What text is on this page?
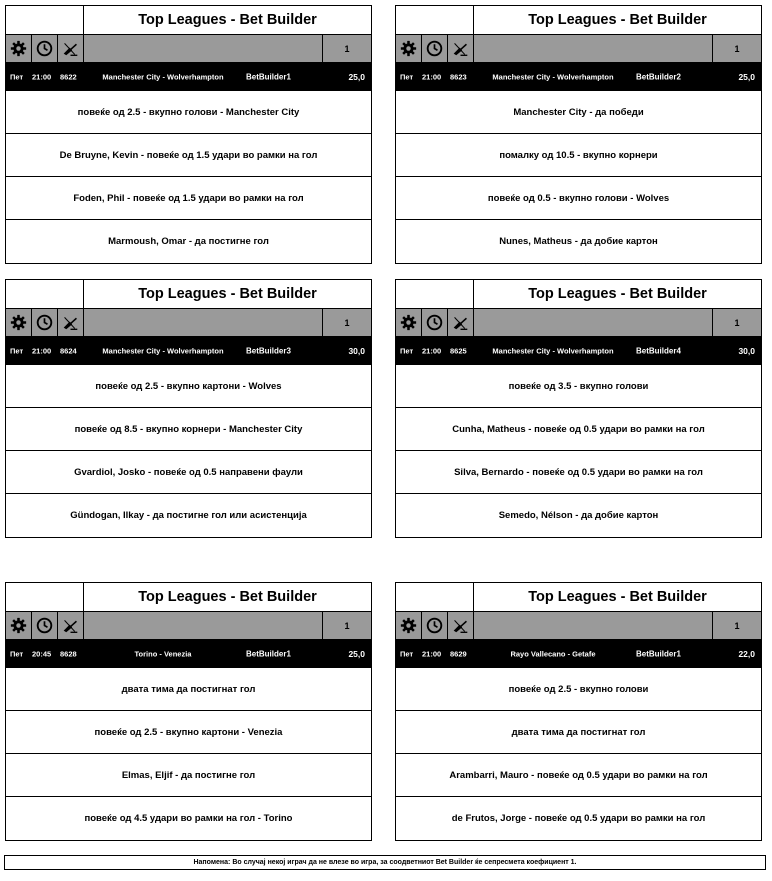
Top Leagues - Bet Builder
1
Пет 21:00 8622	Manchester City - Wolverhampton	BetBuilder1	25,0
повеќе од 2.5 - вкупно голови - Manchester City
De Bruyne, Kevin - повеќе од 1.5 удари во рамки на гол
Foden, Phil - повеќе од 1.5 удари во рамки на гол
Marmoush, Omar - да постигне гол
Top Leagues - Bet Builder
1
Пет 21:00 8623	Manchester City - Wolverhampton	BetBuilder2	25,0
Manchester City - да победи
помалку од 10.5 - вкупно корнери
повеќе од 0.5 - вкупно голови - Wolves
Nunes, Matheus - да добие картон
Top Leagues - Bet Builder
1
Пет 21:00 8624	Manchester City - Wolverhampton	BetBuilder3	30,0
повеќе од 2.5 - вкупно картони - Wolves
повеќе од 8.5 - вкупно корнери - Manchester City
Gvardiol, Josko - повеќе од 0.5 направени фаули
Gündogan, Ilkay - да постигне гол или асистенција
Top Leagues - Bet Builder
1
Пет 21:00 8625	Manchester City - Wolverhampton	BetBuilder4	30,0
повеќе од 3.5 - вкупно голови
Cunha, Matheus - повеќе од 0.5 удари во рамки на гол
Silva, Bernardo - повеќе од 0.5 удари во рамки на гол
Semedo, Nélson - да добие картон
Top Leagues - Bet Builder
1
Пет 20:45 8628	Torino - Venezia	BetBuilder1	25,0
двата тима да постигнат гол
повеќе од 2.5 - вкупно картони - Venezia
Elmas, Eljif - да постигне гол
повеќе од 4.5 удари во рамки на гол - Torino
Top Leagues - Bet Builder
1
Пет 21:00 8629	Rayo Vallecano - Getafe	BetBuilder1	22,0
повеќе од 2.5 - вкупно голови
двата тима да постигнат гол
Arambarri, Mauro - повеќе од 0.5 удари во рамки на гол
de Frutos, Jorge - повеќе од 0.5 удари во рамки на гол
Напомена: Во случај некој играч да не влезе во игра, за соодветниот Bet Builder ќе сепресмета коефициент 1.
